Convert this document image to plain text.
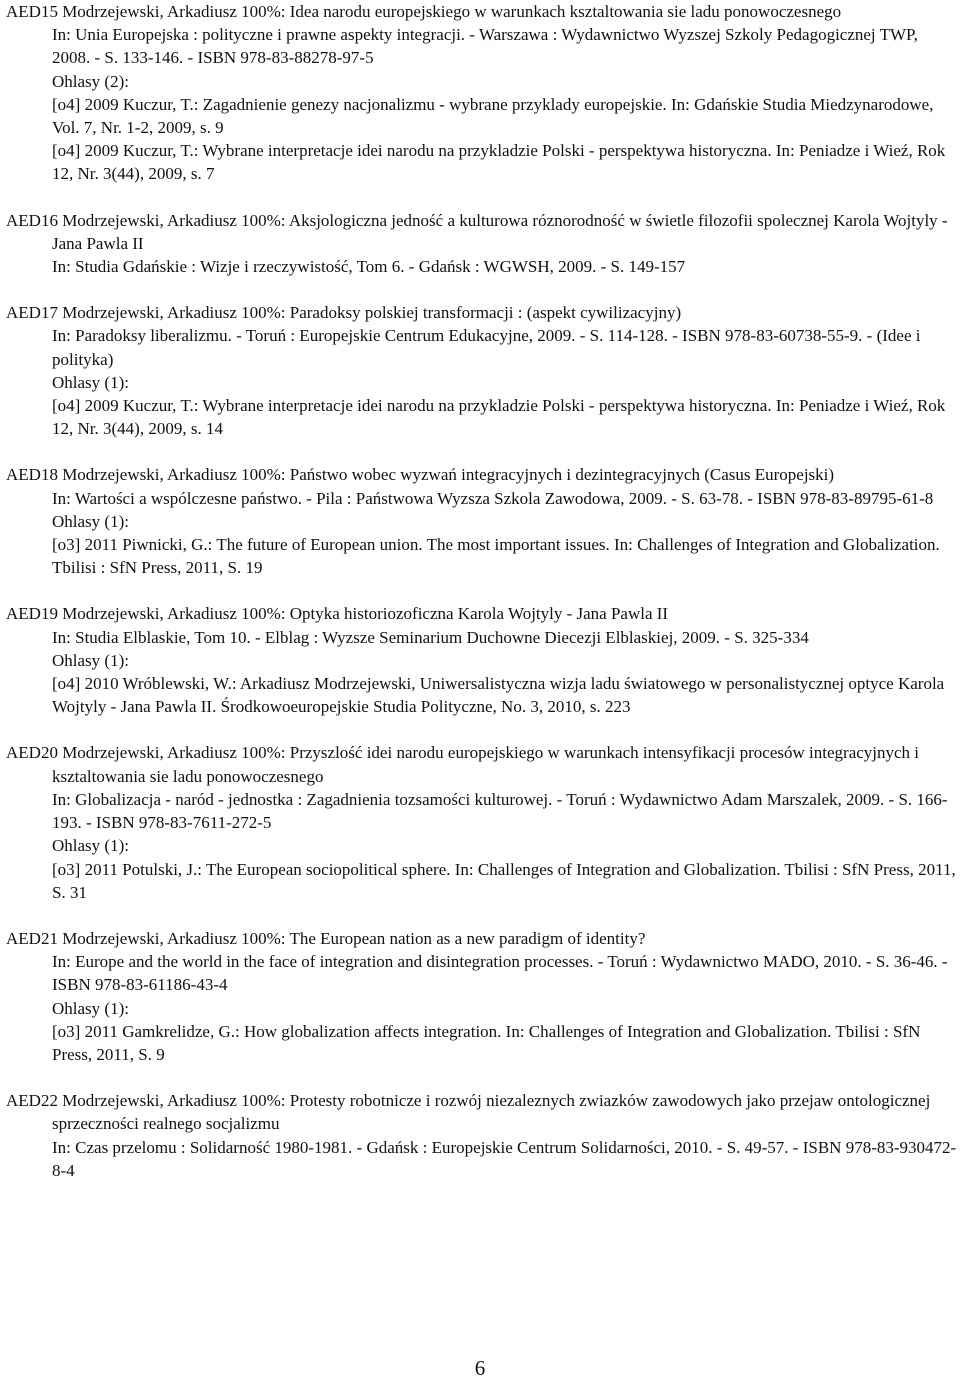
AED15 Modrzejewski, Arkadiusz 100%: Idea narodu europejskiego w warunkach ksztaltowania sie ladu ponowoczesnego
In: Unia Europejska : polityczne i prawne aspekty integracji. - Warszawa : Wydawnictwo Wyzszej Szkoly Pedagogicznej TWP, 2008. - S. 133-146. - ISBN 978-83-88278-97-5
Ohlasy (2):
[o4] 2009 Kuczur, T.: Zagadnienie genezy nacjonalizmu - wybrane przyklady europejskie. In: Gdańskie Studia Miedzynarodowe, Vol. 7, Nr. 1-2, 2009, s. 9
[o4] 2009 Kuczur, T.: Wybrane interpretacje idei narodu na przykladzie Polski - perspektywa historyczna. In: Peniadze i Wieź, Rok 12, Nr. 3(44), 2009, s. 7
AED16 Modrzejewski, Arkadiusz 100%: Aksjologiczna jedność a kulturowa róznorodność w świetle filozofii spolecznej Karola Wojtyly - Jana Pawla II
In: Studia Gdańskie : Wizje i rzeczywistość, Tom 6. - Gdańsk : WGWSH, 2009. - S. 149-157
AED17 Modrzejewski, Arkadiusz 100%: Paradoksy polskiej transformacji : (aspekt cywilizacyjny)
In: Paradoksy liberalizmu. - Toruń : Europejskie Centrum Edukacyjne, 2009. - S. 114-128. - ISBN 978-83-60738-55-9. - (Idee i polityka)
Ohlasy (1):
[o4] 2009 Kuczur, T.: Wybrane interpretacje idei narodu na przykladzie Polski - perspektywa historyczna. In: Peniadze i Wieź, Rok 12, Nr. 3(44), 2009, s. 14
AED18 Modrzejewski, Arkadiusz 100%: Państwo wobec wyzwań integracyjnych i dezintegracyjnych (Casus Europejski)
In: Wartości a wspólczesne państwo. - Pila : Państwowa Wyzsza Szkola Zawodowa, 2009. - S. 63-78. - ISBN 978-83-89795-61-8
Ohlasy (1):
[o3] 2011 Piwnicki, G.: The future of European union. The most important issues. In: Challenges of Integration and Globalization. Tbilisi : SfN Press, 2011, S. 19
AED19 Modrzejewski, Arkadiusz 100%: Optyka historiozoficzna Karola Wojtyly - Jana Pawla II
In: Studia Elblaskie, Tom 10. - Elblag : Wyzsze Seminarium Duchowne Diecezji Elblaskiej, 2009. - S. 325-334
Ohlasy (1):
[o4] 2010 Wróblewski, W.: Arkadiusz Modrzejewski, Uniwersalistyczna wizja ladu światowego w personalistycznej optyce Karola Wojtyly - Jana Pawla II. Środkowoeuropejskie Studia Polityczne, No. 3, 2010, s. 223
AED20 Modrzejewski, Arkadiusz 100%: Przyszlość idei narodu europejskiego w warunkach intensyfikacji procesów integracyjnych i ksztaltowania sie ladu ponowoczesnego
In: Globalizacja - naród - jednostka : Zagadnienia tozsamości kulturowej. - Toruń : Wydawnictwo Adam Marszalek, 2009. - S. 166-193. - ISBN 978-83-7611-272-5
Ohlasy (1):
[o3] 2011 Potulski, J.: The European sociopolitical sphere. In: Challenges of Integration and Globalization. Tbilisi : SfN Press, 2011, S. 31
AED21 Modrzejewski, Arkadiusz 100%: The European nation as a new paradigm of identity?
In: Europe and the world in the face of integration and disintegration processes. - Toruń : Wydawnictwo MADO, 2010. - S. 36-46. - ISBN 978-83-61186-43-4
Ohlasy (1):
[o3] 2011 Gamkrelidze, G.: How globalization affects integration. In: Challenges of Integration and Globalization. Tbilisi : SfN Press, 2011, S. 9
AED22 Modrzejewski, Arkadiusz 100%: Protesty robotnicze i rozwój niezaleznych zwiazków zawodowych jako przejaw ontologicznej sprzeczności realnego socjalizmu
In: Czas przelomu : Solidarność 1980-1981. - Gdańsk : Europejskie Centrum Solidarności, 2010. - S. 49-57. - ISBN 978-83-930472-8-4
6
